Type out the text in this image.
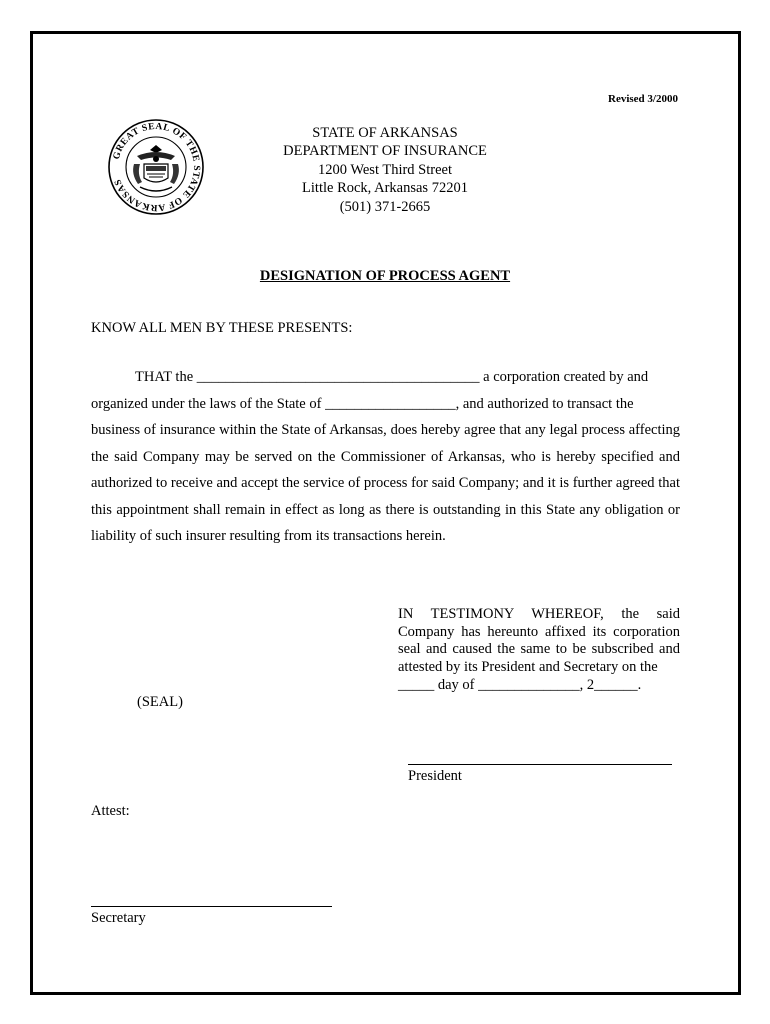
Revised 3/2000
GREAT SEAL OF THE STATE OF ARKANSAS
STATE OF ARKANSAS
DEPARTMENT OF INSURANCE
1200 West Third Street
Little Rock, Arkansas 72201
(501) 371-2665
DESIGNATION OF PROCESS AGENT
KNOW ALL MEN BY THESE PRESENTS:

THAT the _______________________________________ a corporation created by and

organized under the laws of the State of __________________, and authorized to transact the

business of insurance within the State of Arkansas, does hereby agree that any legal process affecting the said Company may be served on the Commissioner of Arkansas, who is hereby specified and authorized to receive and accept the service of process for said Company; and it is further agreed that this appointment shall remain in effect as long as there is outstanding in this State any obligation or liability of such insurer resulting from its transactions herein.

IN TESTIMONY WHEREOF, the said Company has hereunto affixed its corporation seal and caused the same to be subscribed and attested by its President and Secretary on the
_____ day of ______________, 2______.
(SEAL)
President
Attest:
Secretary
